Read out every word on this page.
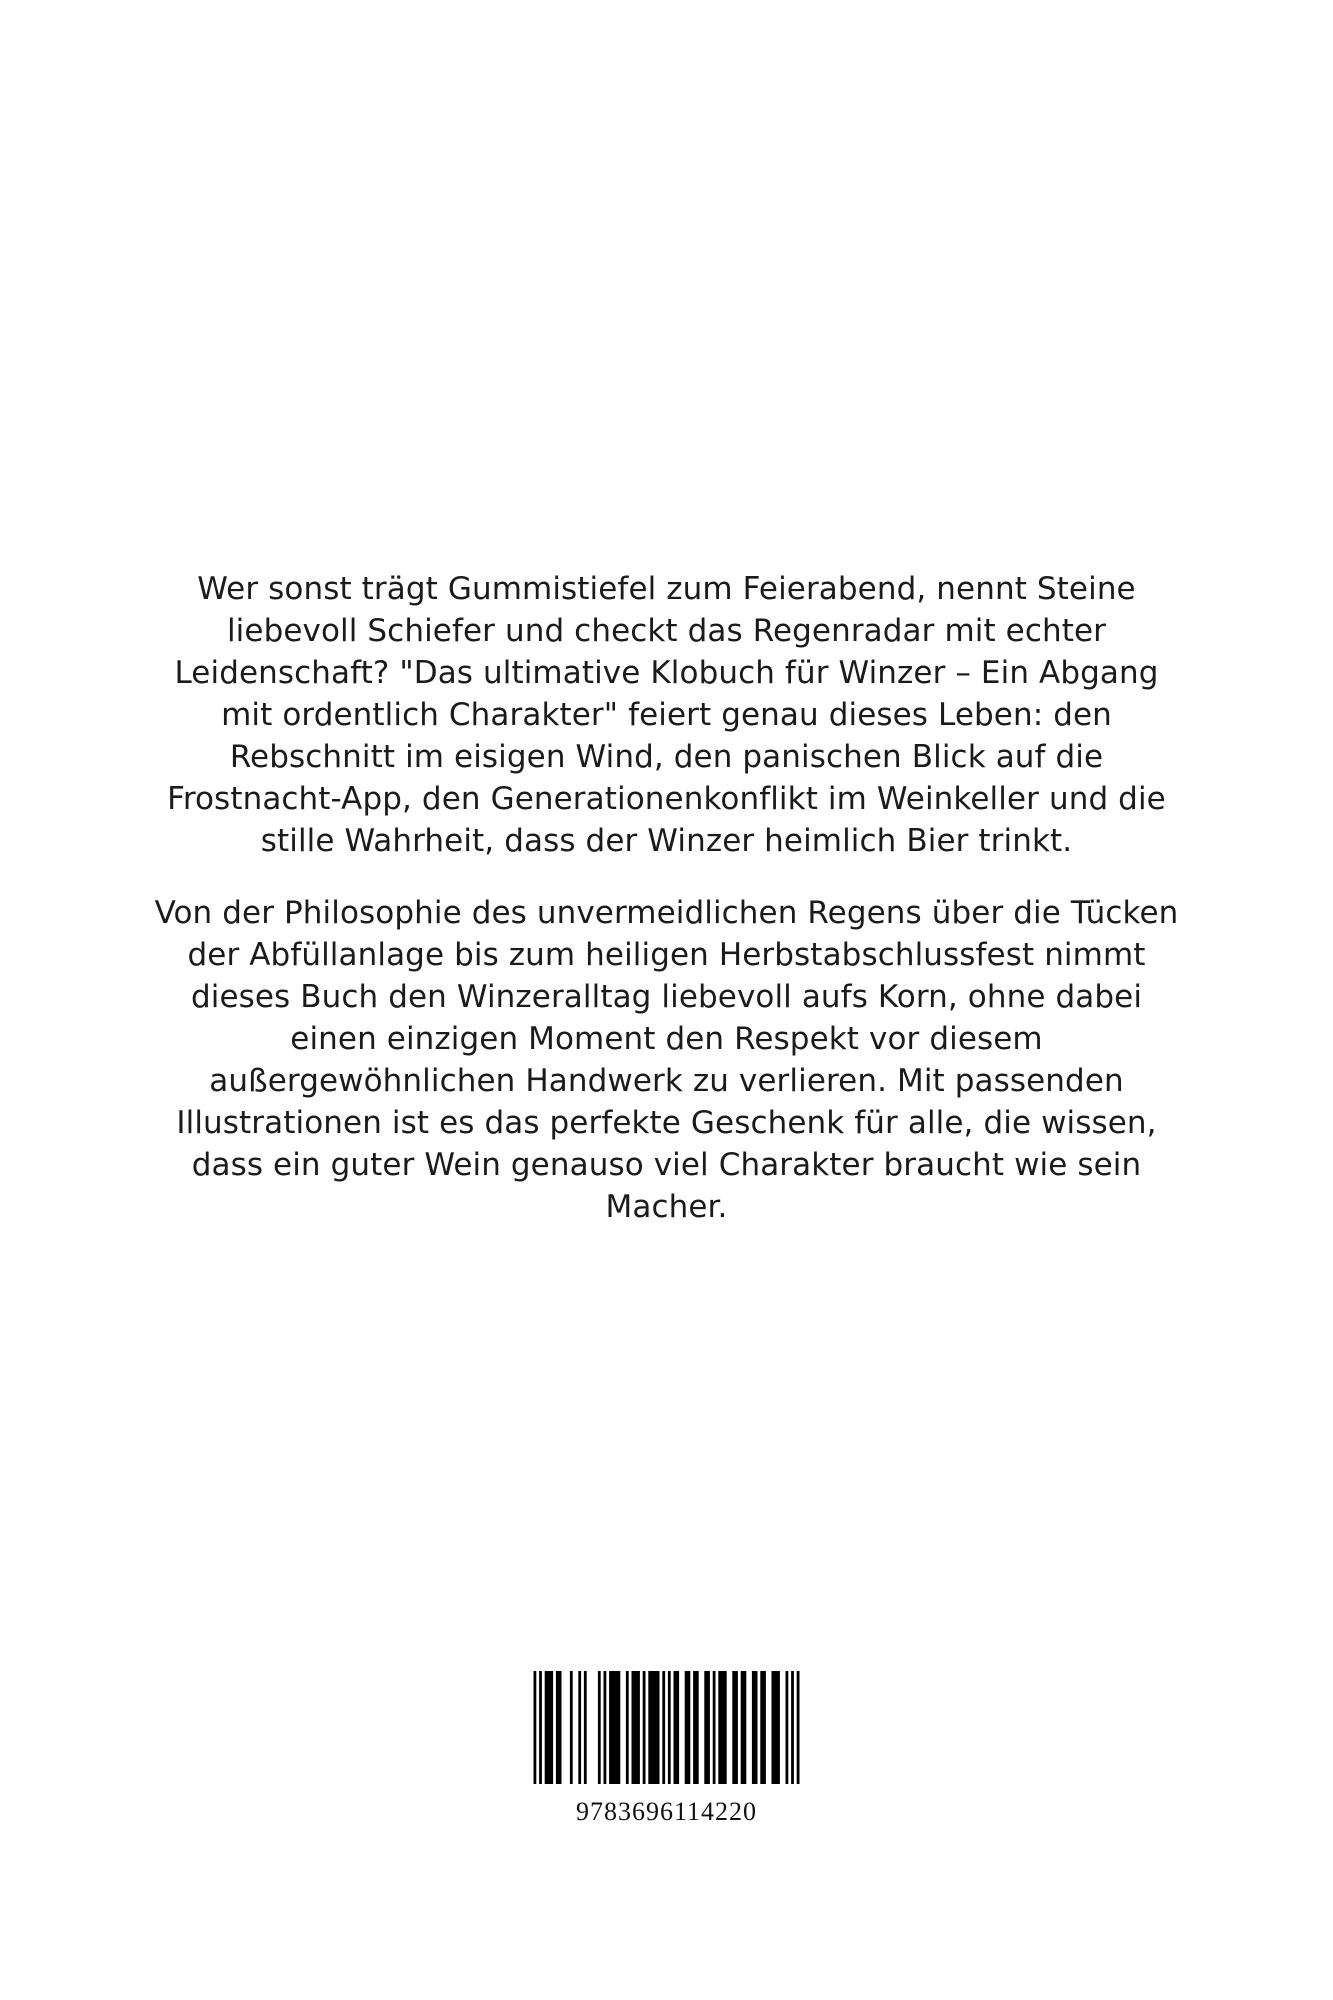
Wer sonst trägt Gummistiefel zum Feierabend, nennt Steine liebevoll Schiefer und checkt das Regenradar mit echter Leidenschaft? "Das ultimative Klobuch für Winzer – Ein Abgang mit ordentlich Charakter" feiert genau dieses Leben: den Rebschnitt im eisigen Wind, den panischen Blick auf die Frostnacht-App, den Generationenkonflikt im Weinkeller und die stille Wahrheit, dass der Winzer heimlich Bier trinkt.
Von der Philosophie des unvermeidlichen Regens über die Tücken der Abfüllanlage bis zum heiligen Herbstabschlussfest nimmt dieses Buch den Winzeralltag liebevoll aufs Korn, ohne dabei einen einzigen Moment den Respekt vor diesem außergewöhnlichen Handwerk zu verlieren. Mit passenden Illustrationen ist es das perfekte Geschenk für alle, die wissen, dass ein guter Wein genauso viel Charakter braucht wie sein Macher.
9783696114220
